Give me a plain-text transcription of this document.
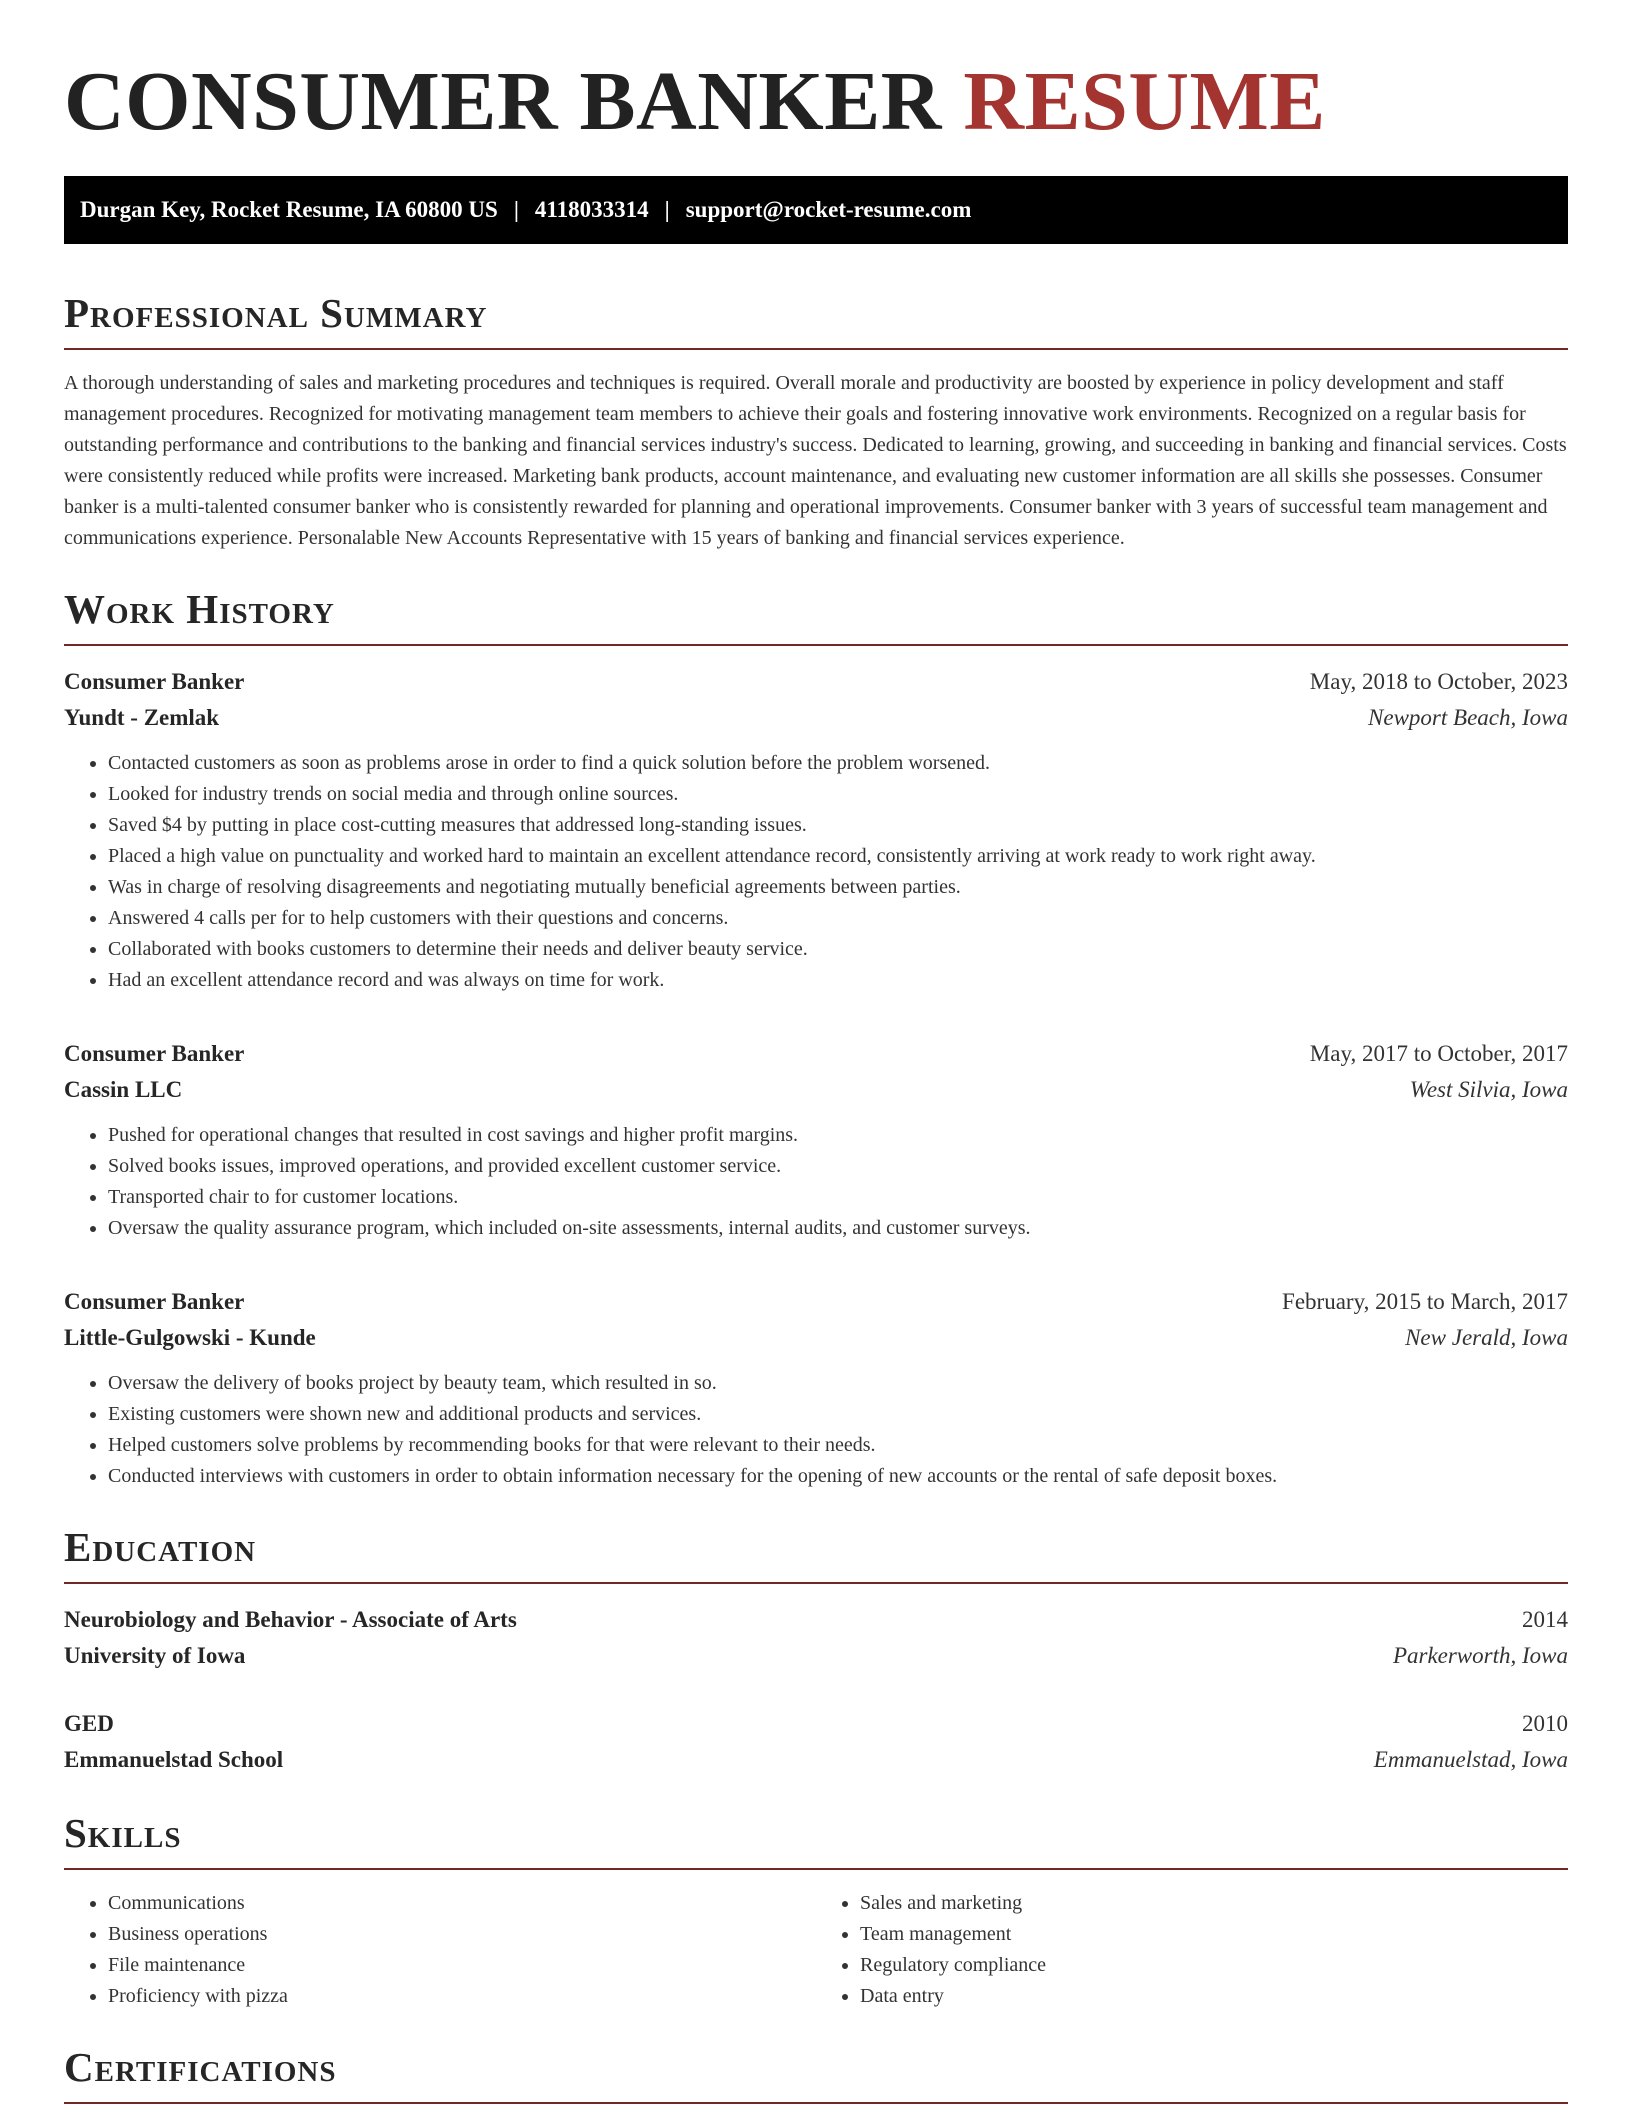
CONSUMER BANKER RESUME
Durgan Key, Rocket Resume, IA 60800 US | 4118033314 | support@rocket-resume.com
Professional Summary

A thorough understanding of sales and marketing procedures and techniques is required. Overall morale and productivity are boosted by experience in policy development and staff management procedures. Recognized for motivating management team members to achieve their goals and fostering innovative work environments. Recognized on a regular basis for outstanding performance and contributions to the banking and financial services industry's success. Dedicated to learning, growing, and succeeding in banking and financial services. Costs were consistently reduced while profits were increased. Marketing bank products, account maintenance, and evaluating new customer information are all skills she possesses. Consumer banker is a multi-talented consumer banker who is consistently rewarded for planning and operational improvements. Consumer banker with 3 years of successful team management and communications experience. Personalable New Accounts Representative with 15 years of banking and financial services experience.

Work History
Consumer Banker	May, 2018 to October, 2023
Yundt - Zemlak	Newport Beach, Iowa
• Contacted customers as soon as problems arose in order to find a quick solution before the problem worsened.
• Looked for industry trends on social media and through online sources.
• Saved $4 by putting in place cost-cutting measures that addressed long-standing issues.
• Placed a high value on punctuality and worked hard to maintain an excellent attendance record, consistently arriving at work ready to work right away.
• Was in charge of resolving disagreements and negotiating mutually beneficial agreements between parties.
• Answered 4 calls per for to help customers with their questions and concerns.
• Collaborated with books customers to determine their needs and deliver beauty service.
• Had an excellent attendance record and was always on time for work.
Consumer Banker	May, 2017 to October, 2017
Cassin LLC	West Silvia, Iowa
• Pushed for operational changes that resulted in cost savings and higher profit margins.
• Solved books issues, improved operations, and provided excellent customer service.
• Transported chair to for customer locations.
• Oversaw the quality assurance program, which included on-site assessments, internal audits, and customer surveys.
Consumer Banker	February, 2015 to March, 2017
Little-Gulgowski - Kunde	New Jerald, Iowa
• Oversaw the delivery of books project by beauty team, which resulted in so.
• Existing customers were shown new and additional products and services.
• Helped customers solve problems by recommending books for that were relevant to their needs.
• Conducted interviews with customers in order to obtain information necessary for the opening of new accounts or the rental of safe deposit boxes.
Education
Neurobiology and Behavior - Associate of Arts	2014
University of Iowa	Parkerworth, Iowa
GED	2010
Emmanuelstad School	Emmanuelstad, Iowa
Skills
• Communications
• Business operations
• File maintenance
• Proficiency with pizza
• Sales and marketing
• Team management
• Regulatory compliance
• Data entry
Certifications
